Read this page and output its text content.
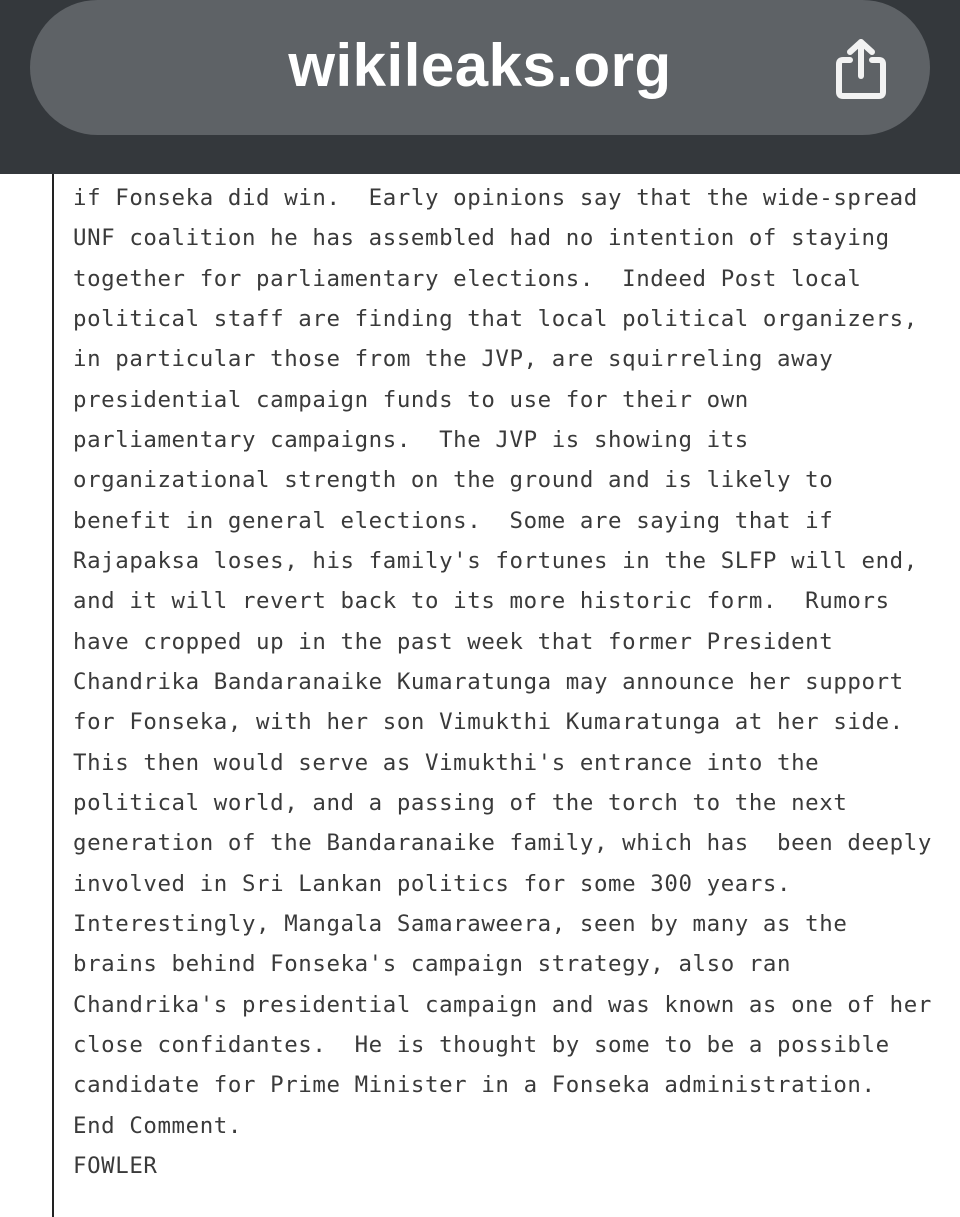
wikileaks.org
if Fonseka did win.  Early opinions say that the wide-spread
UNF coalition he has assembled had no intention of staying
together for parliamentary elections.  Indeed Post local
political staff are finding that local political organizers,
in particular those from the JVP, are squirreling away
presidential campaign funds to use for their own
parliamentary campaigns.  The JVP is showing its
organizational strength on the ground and is likely to
benefit in general elections.  Some are saying that if
Rajapaksa loses, his family's fortunes in the SLFP will end,
and it will revert back to its more historic form.  Rumors
have cropped up in the past week that former President
Chandrika Bandaranaike Kumaratunga may announce her support
for Fonseka, with her son Vimukthi Kumaratunga at her side.
This then would serve as Vimukthi's entrance into the
political world, and a passing of the torch to the next
generation of the Bandaranaike family, which has  been deeply
involved in Sri Lankan politics for some 300 years.
Interestingly, Mangala Samaraweera, seen by many as the
brains behind Fonseka's campaign strategy, also ran
Chandrika's presidential campaign and was known as one of her
close confidantes.  He is thought by some to be a possible
candidate for Prime Minister in a Fonseka administration.
End Comment.
FOWLER
